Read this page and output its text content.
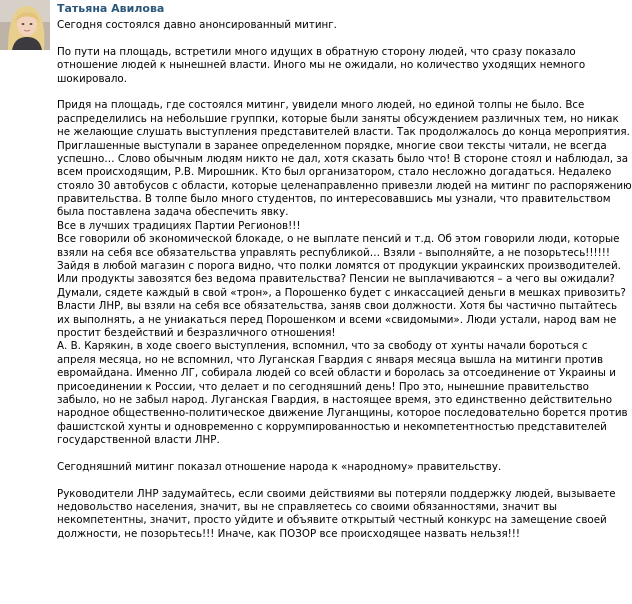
Татьяна Авилова
Сегодня состоялся давно анонсированный митинг.
По пути на площадь, встретили много идущих в обратную сторону людей, что сразу показало
отношение людей к нынешней власти. Иного мы не ожидали, но количество уходящих немного
шокировало.
Придя на площадь, где состоялся митинг, увидели много людей, но единой толпы не было. Все
распределились на небольшие группки, которые были заняты обсуждением различных тем, но никак
не желающие слушать выступления представителей власти. Так продолжалось до конца мероприятия.
Приглашенные выступали в заранее определенном порядке, многие свои тексты читали, не всегда
успешно… Слово обычным людям никто не дал, хотя сказать было что! В стороне стоял и наблюдал, за
всем происходящим, Р.В. Мирошник. Кто был организатором, стало несложно догадаться. Недалеко
стояло 30 автобусов с области, которые целенаправленно привезли людей на митинг по распоряжению
правительства. В толпе было много студентов, по интересовавшись мы узнали, что правительством
была поставлена задача обеспечить явку.
Все в лучших традициях Партии Регионов!!!
Все говорили об экономической блокаде, о не выплате пенсий и т.д. Об этом говорили люди, которые
взяли на себя все обязательства управлять республикой… Взяли - выполняйте, а не позорьтесь!!!!!!
Зайдя в любой магазин с порога видно, что полки ломятся от продукции украинских производителей.
Или продукты завозятся без ведома правительства? Пенсии не выплачиваются – а чего вы ожидали?
Думали, сядете каждый в свой «трон», а Порошенко будет с инкассацией деньги в мешках привозить?
Власти ЛНР, вы взяли на себя все обязательства, заняв свои должности. Хотя бы частично пытайтесь
их выполнять, а не униакаться перед Порошенком и всеми «свидомыми». Люди устали, народ вам не
простит бездействий и безразличного отношения!
А. В. Карякин, в ходе своего выступления, вспомнил, что за свободу от хунты начали бороться с
апреля месяца, но не вспомнил, что Луганская Гвардия с января месяца вышла на митинги против
евромайдана. Именно ЛГ, собирала людей со всей области и боролась за отсоединение от Украины и
присоединении к России, что делает и по сегодняшний день! Про это, нынешние правительство
забыло, но не забыл народ. Луганская Гвардия, в настоящее время, это единственно действительно
народное общественно-политическое движение Луганщины, которое последовательно борется против
фашистской хунты и одновременно с коррумпированностью и некомпетентностью представителей
государственной власти ЛНР.
Сегодняшний митинг показал отношение народа к «народному» правительству.
Руководители ЛНР задумайтесь, если своими действиями вы потеряли поддержку людей, вызываете
недовольство населения, значит, вы не справляетесь со своими обязанностями, значит вы
некомпетентны, значит, просто уйдите и объявите открытый честный конкурс на замещение своей
должности, не позорьтесь!!! Иначе, как ПОЗОР все происходящее назвать нельзя!!!
